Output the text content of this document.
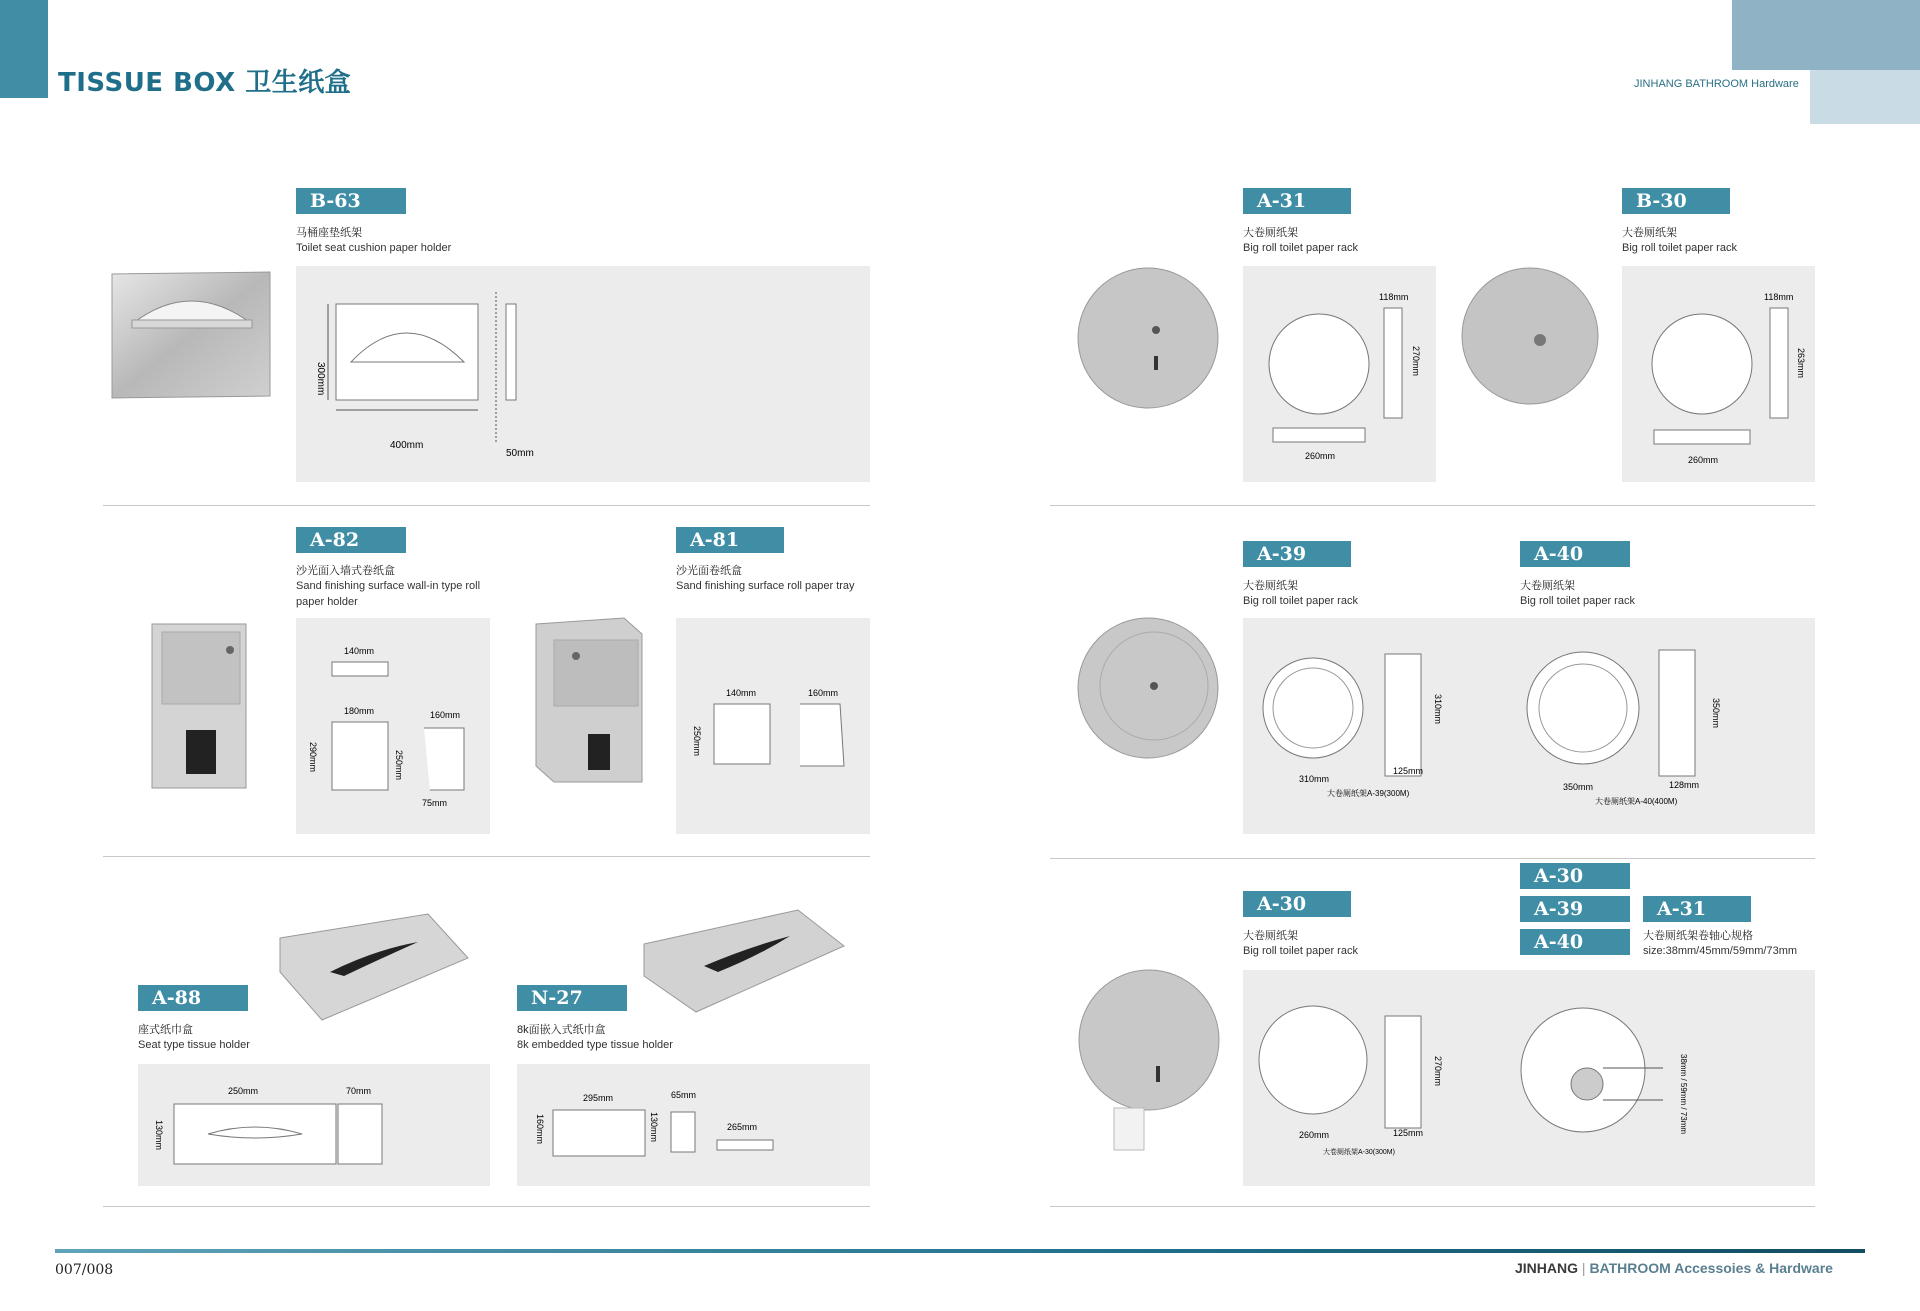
TISSUE BOX 卫生纸盒	JINHANG BATHROOM Hardware
B-63
马桶座垫纸架
Toilet seat cushion paper holder
300mm
400mm
50mm
A-82
沙光面入墙式卷纸盒
Sand finishing surface wall-in type roll paper holder
140mm
180mm	160mm
290mm	250mm
75mm
A-81
沙光面卷纸盒
Sand finishing surface roll paper tray
140mm	160mm
250mm
A-88
座式纸巾盒
Seat type tissue holder
250mm
130mm
70mm
N-27
8k面嵌入式纸巾盒
8k embedded type tissue holder
295mm
160mm	130mm
65mm
265mm
A-31
大卷厕纸架
Big roll toilet paper rack
118mm
270mm
260mm
B-30
大卷厕纸架
Big roll toilet paper rack
118mm
263mm
260mm
A-39
大卷厕纸架
Big roll toilet paper rack
A-40
大卷厕纸架
Big roll toilet paper rack
310mm
125mm
310mm
大卷厕纸架A-39(300M)
350mm	128mm
350mm
大卷厕纸架A-40(400M)
A-30
大卷厕纸架
Big roll toilet paper rack
A-30
A-39
A-40
A-31
大卷厕纸架卷轴心规格
size:38mm/45mm/59mm/73mm
270mm
260mm	125mm
大卷厕纸架A-30(300M)
38mm / 59mm / 73mm
007/008	JINHANG | BATHROOM Accessoies & Hardware
